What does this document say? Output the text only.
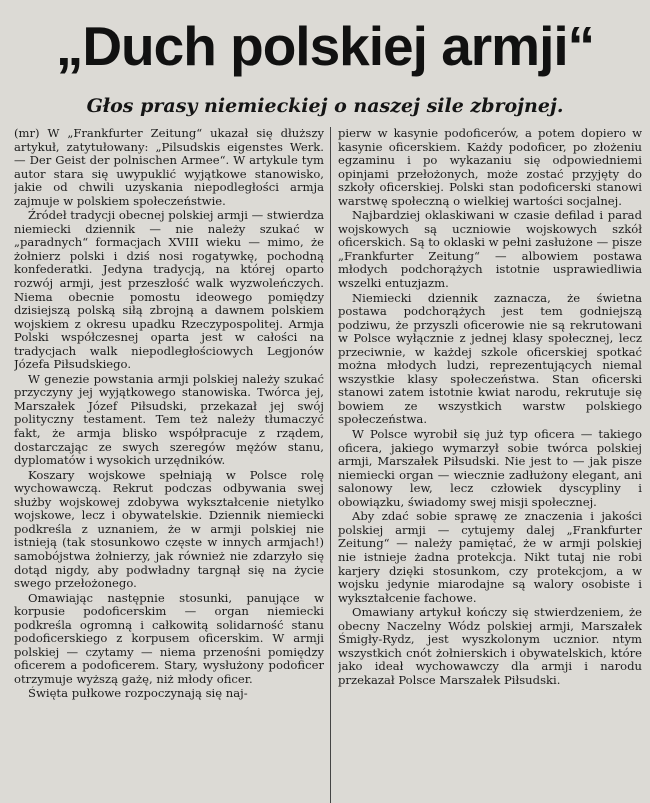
„Duch polskiej armji“
Głos prasy niemieckiej o naszej sile zbrojnej.

(mr) W „Frankfurter Zeitung“ ukazał się dłuższy artykuł, zatytułowany: „Pilsudskis eigenstes Werk. — Der Geist der polnischen Armee“. W artykule tym autor stara się uwypuklić wyjątkowe stanowisko, jakie od chwili uzyskania niepodległości armja zajmuje w polskiem społeczeństwie.

Źródeł tradycji obecnej polskiej armji — stwierdza niemiecki dziennik — nie należy szukać w „paradnych“ formacjach XVIII wieku — mimo, że żołnierz polski i dziś nosi rogatywkę, pochodną konfederatki. Jedyna tradycją, na której oparto rozwój armji, jest przeszłość walk wyzwoleńczych. Niema obecnie pomostu ideowego pomiędzy dzisiejszą polską siłą zbrojną a dawnem polskiem wojskiem z okresu upadku Rzeczypospolitej. Armja Polski współczesnej oparta jest w całości na tradycjach walk niepodległościowych Legjonów Józefa Piłsudskiego.

W genezie powstania armji polskiej należy szukać przyczyny jej wyjątkowego stanowiska. Twórca jej, Marszałek Józef Piłsudski, przekazał jej swój polityczny testament. Tem też należy tłumaczyć fakt, że armja blisko współpracuje z rządem, dostarczając ze swych szeregów mężów stanu, dyplomatów i wysokich urzędników.

Koszary wojskowe spełniają w Polsce rolę wychowawczą. Rekrut podczas odbywania swej służby wojskowej zdobywa wykształcenie nietylko wojskowe, lecz i obywatelskie. Dziennik niemiecki podkreśla z uznaniem, że w armji polskiej nie istnieją (tak stosunkowo częste w innych armjach!) samobójstwa żołnierzy, jak również nie zdarzyło się dotąd nigdy, aby podwładny targnął się na życie swego przełożonego.

Omawiając następnie stosunki, panujące w korpusie podoficerskim — organ niemiecki podkreśla ogromną i całkowitą solidarność stanu podoficerskiego z korpusem oficerskim. W armji polskiej — czytamy — niema przenośni pomiędzy oficerem a podoficerem. Stary, wysłużony podoficer otrzymuje wyższą gażę, niż młody oficer.

Święta pułkowe rozpoczynają się naj-

pierw w kasynie podoficerów, a potem dopiero w kasynie oficerskiem. Każdy podoficer, po złożeniu egzaminu i po wykazaniu się odpowiedniemi opinjami przełożonych, może zostać przyjęty do szkoły oficerskiej. Polski stan podoficerski stanowi warstwę społeczną o wielkiej wartości socjalnej.

Najbardziej oklaskiwani w czasie defilad i parad wojskowych są uczniowie wojskowych szkół oficerskich. Są to oklaski w pełni zasłużone — pisze „Frankfurter Zeitung“ — albowiem postawa młodych podchorążych istotnie usprawiedliwia wszelki entuzjazm.

Niemiecki dziennik zaznacza, że świetna postawa podchorążych jest tem godniejszą podziwu, że przyszli oficerowie nie są rekrutowani w Polsce wyłącznie z jednej klasy społecznej, lecz przeciwnie, w każdej szkole oficerskiej spotkać można młodych ludzi, reprezentujących niemal wszystkie klasy społeczeństwa. Stan oficerski stanowi zatem istotnie kwiat narodu, rekrutuje się bowiem ze wszystkich warstw polskiego społeczeństwa.

W Polsce wyrobił się już typ oficera — takiego oficera, jakiego wymarzył sobie twórca polskiej armji, Marszałek Piłsudski. Nie jest to — jak pisze niemiecki organ — wiecznie zadłużony elegant, ani salonowy lew, lecz człowiek dyscypliny i obowiązku, świadomy swej misji społecznej.

Aby zdać sobie sprawę ze znaczenia i jakości polskiej armji — cytujemy dalej „Frankfurter Zeitung“ — należy pamiętać, że w armji polskiej nie istnieje żadna protekcja. Nikt tutaj nie robi karjery dzięki stosunkom, czy protekcjom, a w wojsku jedynie miarodajne są walory osobiste i wykształcenie fachowe.

Omawiany artykuł kończy się stwierdzeniem, że obecny Naczelny Wódz polskiej armji, Marszałek Śmigły-Rydz, jest wyszkolonym ucznior. ntym wszystkich cnót żołnierskich i obywatelskich, które jako ideał wychowawczy dla armji i narodu przekazał Polsce Marszałek Piłsudski.
